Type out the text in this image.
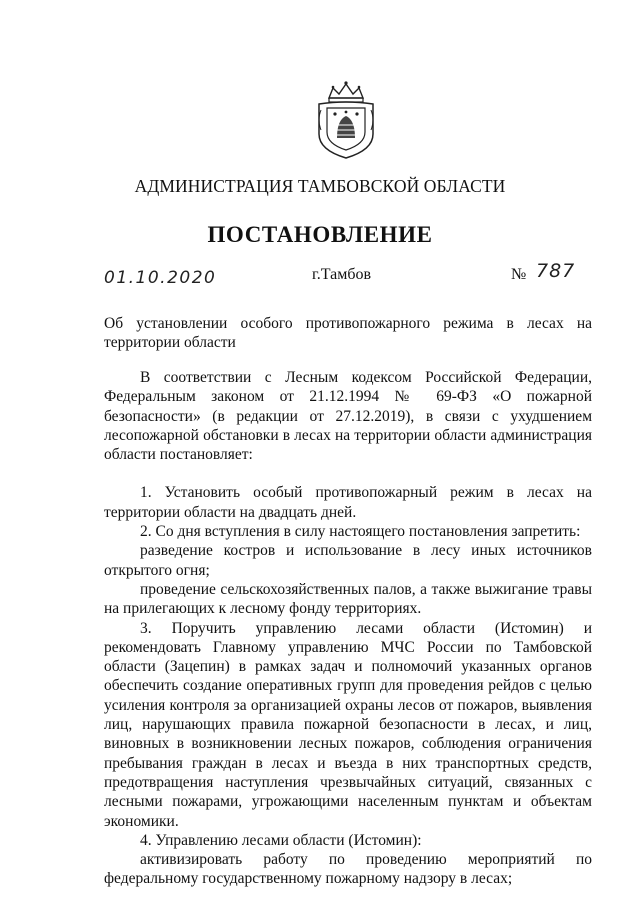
АДМИНИСТРАЦИЯ ТАМБОВСКОЙ ОБЛАСТИ
ПОСТАНОВЛЕНИЕ
01.10.2020	г.Тамбов	№ 787
Об установлении особого противопожарного режима в лесах на территории области

В соответствии с Лесным кодексом Российской Федерации, Федеральным законом от 21.12.1994 № 69-ФЗ «О пожарной безопасности» (в редакции от 27.12.2019), в связи с ухудшением лесопожарной обстановки в лесах на территории области администрация области постановляет:

1. Установить особый противопожарный режим в лесах на территории области на двадцать дней.

2. Со дня вступления в силу настоящего постановления запретить:

разведение костров и использование в лесу иных источников открытого огня;

проведение сельскохозяйственных палов, а также выжигание травы на прилегающих к лесному фонду территориях.

3. Поручить управлению лесами области (Истомин) и рекомендовать Главному управлению МЧС России по Тамбовской области (Зацепин) в рамках задач и полномочий указанных органов обеспечить создание оперативных групп для проведения рейдов с целью усиления контроля за организацией охраны лесов от пожаров, выявления лиц, нарушающих правила пожарной безопасности в лесах, и лиц, виновных в возникновении лесных пожаров, соблюдения ограничения пребывания граждан в лесах и въезда в них транспортных средств, предотвращения наступления чрезвычайных ситуаций, связанных с лесными пожарами, угрожающими населенным пунктам и объектам экономики.

4. Управлению лесами области (Истомин):

активизировать работу по проведению мероприятий по федеральному государственному пожарному надзору в лесах;
